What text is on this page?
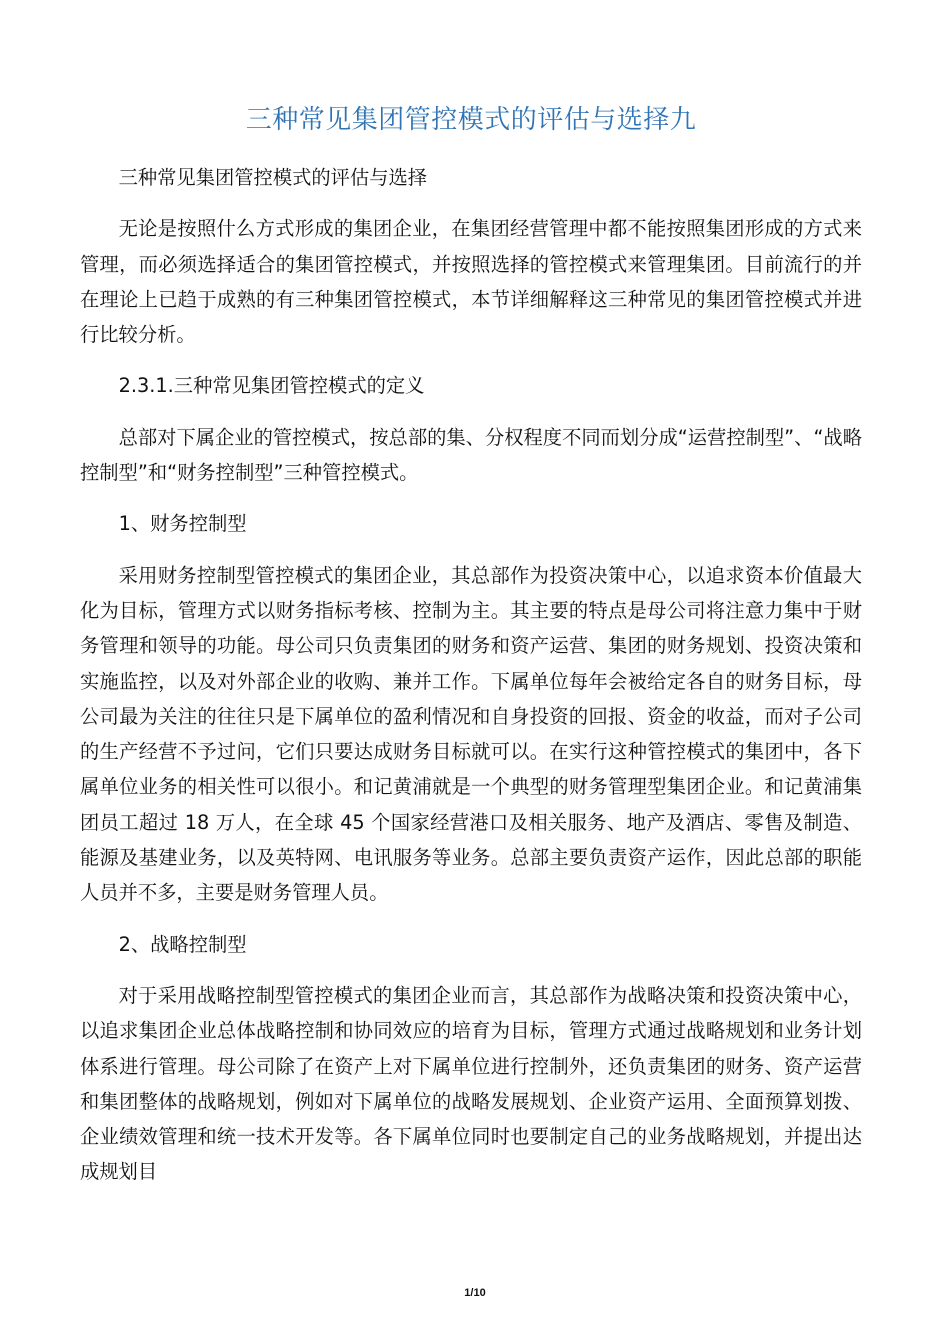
三种常见集团管控模式的评估与选择九

三种常见集团管控模式的评估与选择

无论是按照什么方式形成的集团企业，在集团经营管理中都不能按照集团形成的方式来管理，而必须选择适合的集团管控模式，并按照选择的管控模式来管理集团。目前流行的并在理论上已趋于成熟的有三种集团管控模式，本节详细解释这三种常见的集团管控模式并进行比较分析。

2.3.1.三种常见集团管控模式的定义

总部对下属企业的管控模式，按总部的集、分权程度不同而划分成“运营控制型”、“战略控制型”和“财务控制型”三种管控模式。

1、财务控制型

采用财务控制型管控模式的集团企业，其总部作为投资决策中心，以追求资本价值最大化为目标，管理方式以财务指标考核、控制为主。其主要的特点是母公司将注意力集中于财务管理和领导的功能。母公司只负责集团的财务和资产运营、集团的财务规划、投资决策和实施监控，以及对外部企业的收购、兼并工作。下属单位每年会被给定各自的财务目标，母公司最为关注的往往只是下属单位的盈利情况和自身投资的回报、资金的收益，而对子公司的生产经营不予过问，它们只要达成财务目标就可以。在实行这种管控模式的集团中，各下属单位业务的相关性可以很小。和记黄浦就是一个典型的财务管理型集团企业。和记黄浦集团员工超过 18 万人，在全球 45 个国家经营港口及相关服务、地产及酒店、零售及制造、能源及基建业务，以及英特网、电讯服务等业务。总部主要负责资产运作，因此总部的职能人员并不多，主要是财务管理人员。

2、战略控制型

对于采用战略控制型管控模式的集团企业而言，其总部作为战略决策和投资决策中心，以追求集团企业总体战略控制和协同效应的培育为目标，管理方式通过战略规划和业务计划体系进行管理。母公司除了在资产上对下属单位进行控制外，还负责集团的财务、资产运营和集团整体的战略规划，例如对下属单位的战略发展规划、企业资产运用、全面预算划拨、企业绩效管理和统一技术开发等。各下属单位同时也要制定自己的业务战略规划，并提出达成规划目

1/10
